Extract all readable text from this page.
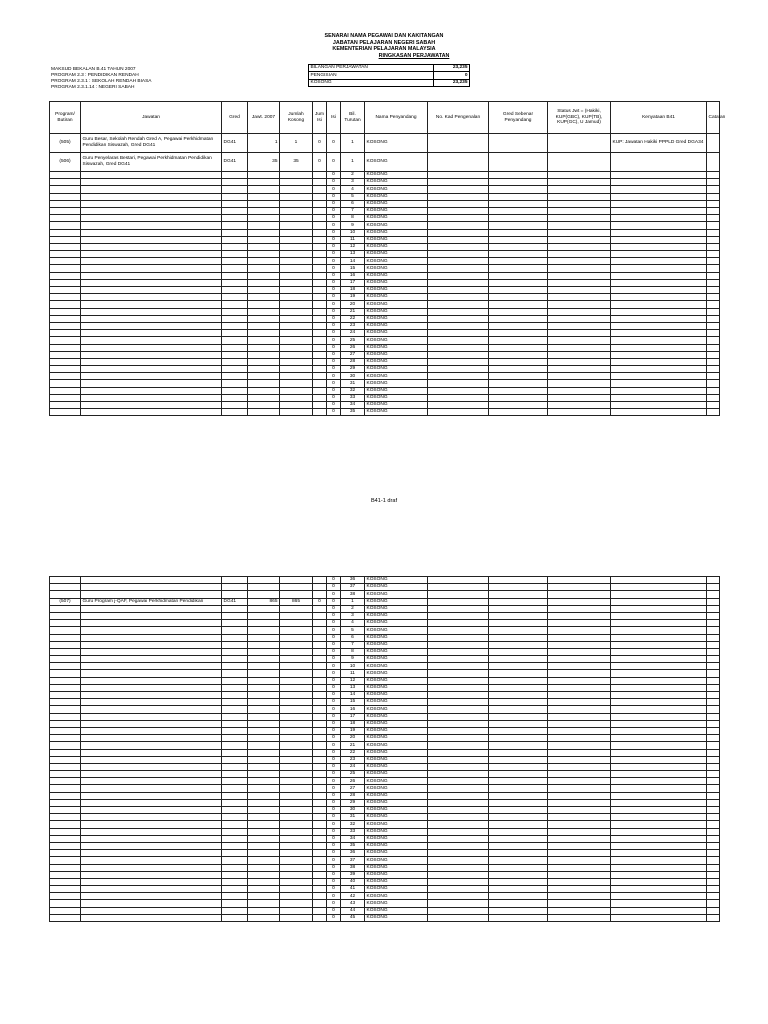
SENARAI NAMA PEGAWAI DAN KAKITANGAN
JABATAN PELAJARAN NEGERI SABAH
KEMENTERIAN PELAJARAN MALAYSIA
RINGKASAN PERJAWATAN
MAKSUD BEKALAN B.41 TAHUN 2007
PROGRAM 2.3 : PENDIDIKAN RENDAH
PROGRAM 2.3.1 : SEKOLAH RENDAH BIASA
PROGRAM 2.3.1.14 : NEGERI SABAH
BILANGAN PERJAWATAN	23,235
PENGISIAN	0
KOSONG	23,235
Program/ Butiran	Jawatan	Gred	Jawt. 2007	Jumlah Kosong	Jum Isi	Isi	Bil. Turutan	Nama Penyandang	No. Kad Pengenalan	Gred Sebenar Penyandang	Status Jwt = (Hakiki, KUP(GBC), KUP(TB), KUP(GC), U Jamud)	Kenyataan B41	Catatan
(505)	Guru Besar, Sekolah Rendah Gred A, Pegawai Perkhidmatan Pendidikan Siswazah, Gred DG41	DG41	1	1	0	0	1	KOSONG				KUP: Jawatan Hakiki PPPLD Gred DGA34	
(506)	Guru Penyelaras Bestari, Pegawai Perkhidmatan Pendidikan Siswazah, Gred DG41	DG41	35	35	0	0	1	KOSONG					
						0	2	KOSONG					
						0	3	KOSONG					
						0	4	KOSONG					
						0	5	KOSONG					
						0	6	KOSONG					
						0	7	KOSONG					
						0	8	KOSONG					
						0	9	KOSONG					
						0	10	KOSONG					
						0	11	KOSONG					
						0	12	KOSONG					
						0	13	KOSONG					
						0	14	KOSONG					
						0	15	KOSONG					
						0	16	KOSONG					
						0	17	KOSONG					
						0	18	KOSONG					
						0	19	KOSONG					
						0	20	KOSONG					
						0	21	KOSONG					
						0	22	KOSONG					
						0	23	KOSONG					
						0	24	KOSONG					
						0	25	KOSONG					
						0	26	KOSONG					
						0	27	KOSONG					
						0	28	KOSONG					
						0	29	KOSONG					
						0	30	KOSONG					
						0	31	KOSONG					
						0	32	KOSONG					
						0	33	KOSONG					
						0	34	KOSONG					
						0	35	KOSONG					
B41-1 draf
						0	36	KOSONG					
						0	37	KOSONG					
						0	38	KOSONG					
(507)	Guru Program j-QAF, Pegawai Perkhidmatan Pendidikan	DG41	865	865	0	0	1	KOSONG					
						0	2	KOSONG					
						0	3	KOSONG					
						0	4	KOSONG					
						0	5	KOSONG					
						0	6	KOSONG					
						0	7	KOSONG					
						0	8	KOSONG					
						0	9	KOSONG					
						0	10	KOSONG					
						0	11	KOSONG					
						0	12	KOSONG					
						0	13	KOSONG					
						0	14	KOSONG					
						0	15	KOSONG					
						0	16	KOSONG					
						0	17	KOSONG					
						0	18	KOSONG					
						0	19	KOSONG					
						0	20	KOSONG					
						0	21	KOSONG					
						0	22	KOSONG					
						0	23	KOSONG					
						0	24	KOSONG					
						0	25	KOSONG					
						0	26	KOSONG					
						0	27	KOSONG					
						0	28	KOSONG					
						0	29	KOSONG					
						0	30	KOSONG					
						0	31	KOSONG					
						0	32	KOSONG					
						0	33	KOSONG					
						0	34	KOSONG					
						0	35	KOSONG					
						0	36	KOSONG					
						0	37	KOSONG					
						0	38	KOSONG					
						0	39	KOSONG					
						0	40	KOSONG					
						0	41	KOSONG					
						0	42	KOSONG					
						0	43	KOSONG					
						0	44	KOSONG					
						0	45	KOSONG					
